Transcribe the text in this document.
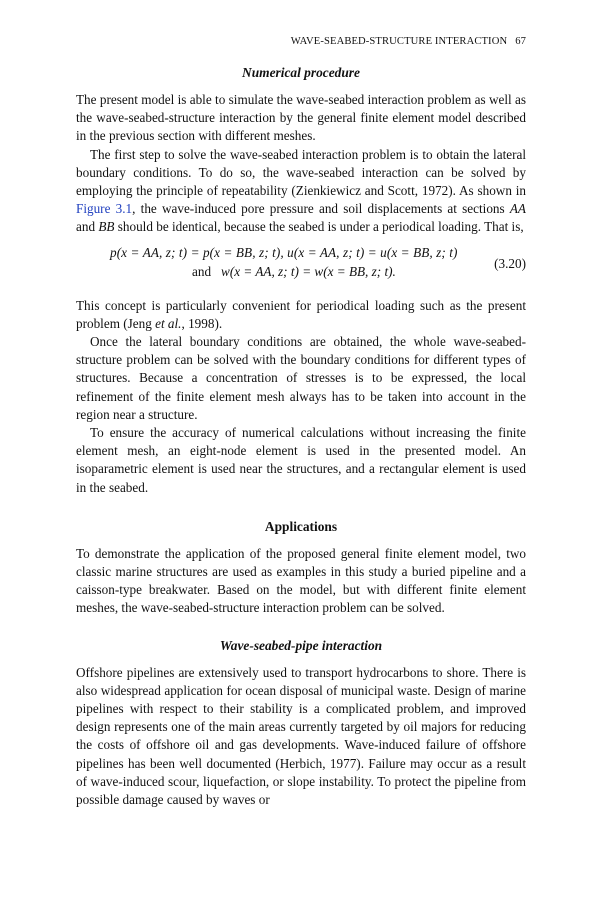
WAVE-SEABED-STRUCTURE INTERACTION 67
Numerical procedure

The present model is able to simulate the wave-seabed interaction problem as well as the wave-seabed-structure interaction by the general finite element model described in the previous section with different meshes.

The first step to solve the wave-seabed interaction problem is to obtain the lateral boundary conditions. To do so, the wave-seabed interaction can be solved by employing the principle of repeatability (Zienkiewicz and Scott, 1972). As shown in Figure 3.1, the wave-induced pore pressure and soil displacements at sections AA and BB should be identical, because the seabed is under a periodical loading. That is,

p(x = AA, z; t) = p(x = BB, z; t), u(x = AA, z; t) = u(x = BB, z; t)
and w(x = AA, z; t) = w(x = BB, z; t).
(3.20)

This concept is particularly convenient for periodical loading such as the present problem (Jeng et al., 1998).

Once the lateral boundary conditions are obtained, the whole wave-seabed-structure problem can be solved with the boundary conditions for different types of structures. Because a concentration of stresses is to be expressed, the local refinement of the finite element mesh always has to be taken into account in the region near a structure.

To ensure the accuracy of numerical calculations without increasing the finite element mesh, an eight-node element is used in the presented model. An isoparametric element is used near the structures, and a rectangular element is used in the seabed.

Applications

To demonstrate the application of the proposed general finite element model, two classic marine structures are used as examples in this study a buried pipeline and a caisson-type breakwater. Based on the model, but with different finite element meshes, the wave-seabed-structure interaction problem can be solved.

Wave-seabed-pipe interaction

Offshore pipelines are extensively used to transport hydrocarbons to shore. There is also widespread application for ocean disposal of municipal waste. Design of marine pipelines with respect to their stability is a complicated problem, and improved design represents one of the main areas currently targeted by oil majors for reducing the costs of offshore oil and gas developments. Wave-induced failure of offshore pipelines has been well documented (Herbich, 1977). Failure may occur as a result of wave-induced scour, liquefaction, or slope instability. To protect the pipeline from possible damage caused by waves or
